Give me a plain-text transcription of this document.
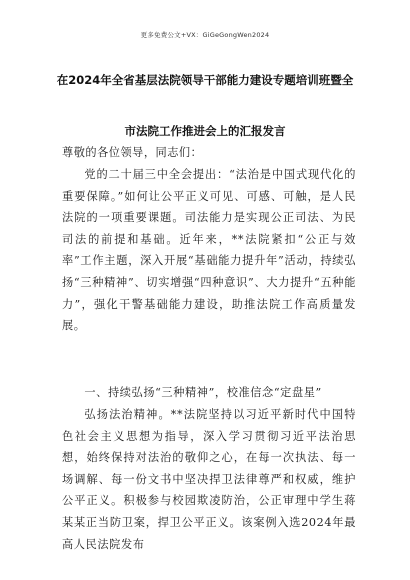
更多免费公文+VX：GiGeGongWen2024
在2024年全省基层法院领导干部能力建设专题培训班暨全
市法院工作推进会上的汇报发言
尊敬的各位领导，同志们：

党的二十届三中全会提出：“法治是中国式现代化的重要保障。”如何让公平正义可见、可感、可触，是人民法院的一项重要课题。司法能力是实现公正司法、为民司法的前提和基础。近年来，**法院紧扣“公正与效率”工作主题，深入开展“基础能力提升年”活动，持续弘扬“三种精神”、切实增强“四种意识”、大力提升“五种能力”，强化干警基础能力建设，助推法院工作高质量发展。

一、持续弘扬“三种精神”，校准信念“定盘星”

弘扬法治精神。**法院坚持以习近平新时代中国特色社会主义思想为指导，深入学习贯彻习近平法治思想，始终保持对法治的敬仰之心，在每一次执法、每一场调解、每一份文书中坚决捍卫法律尊严和权威，维护公平正义。积极参与校园欺凌防治，公正审理中学生蒋某某正当防卫案，捍卫公平正义。该案例入选2024年最高人民法院发布
